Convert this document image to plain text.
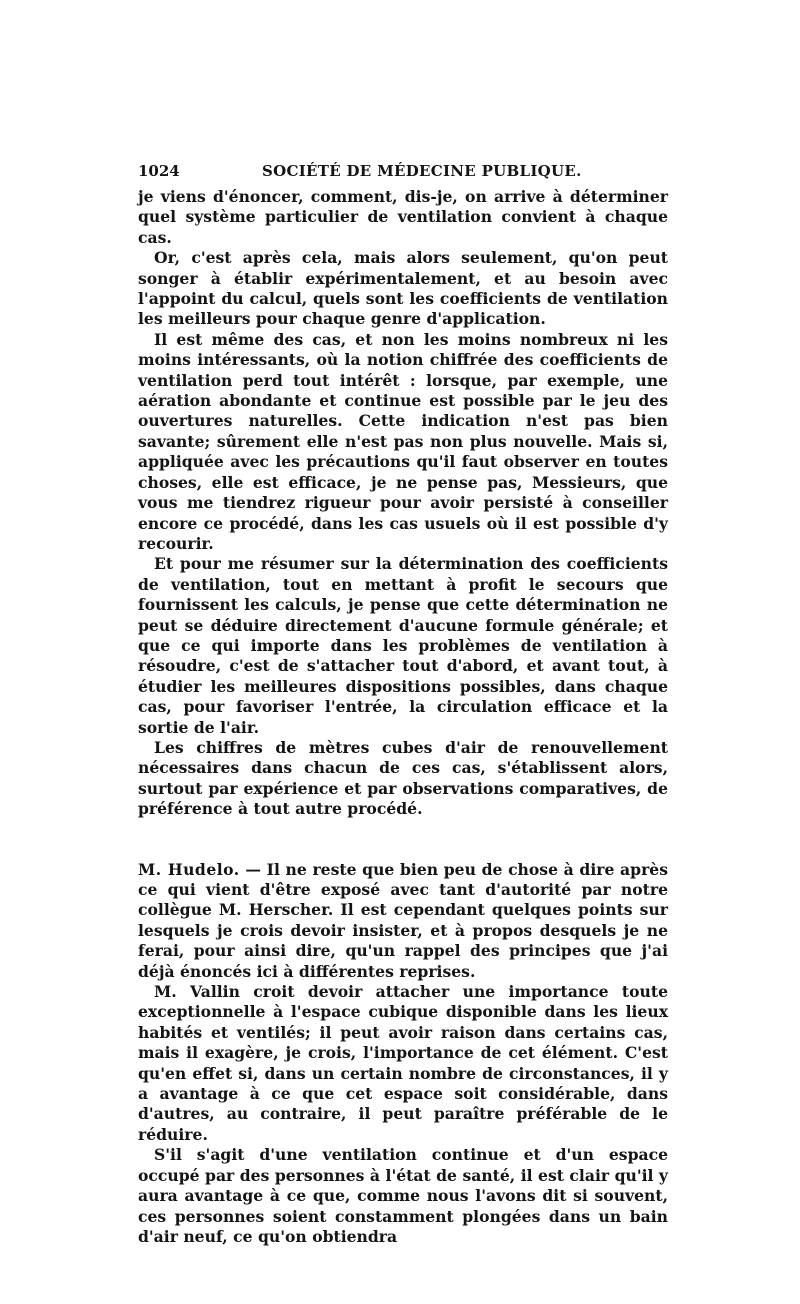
1024	SOCIÉTÉ DE MÉDECINE PUBLIQUE.

je viens d'énoncer, comment, dis-je, on arrive à déterminer quel système particulier de ventilation convient à chaque cas.

Or, c'est après cela, mais alors seulement, qu'on peut songer à établir expérimentalement, et au besoin avec l'appoint du calcul, quels sont les coefficients de ventilation les meilleurs pour chaque genre d'application.

Il est même des cas, et non les moins nombreux ni les moins intéressants, où la notion chiffrée des coefficients de ventilation perd tout intérêt : lorsque, par exemple, une aération abondante et continue est possible par le jeu des ouvertures naturelles. Cette indication n'est pas bien savante; sûrement elle n'est pas non plus nouvelle. Mais si, appliquée avec les précautions qu'il faut observer en toutes choses, elle est efficace, je ne pense pas, Messieurs, que vous me tiendrez rigueur pour avoir persisté à conseiller encore ce procédé, dans les cas usuels où il est possible d'y recourir.

Et pour me résumer sur la détermination des coefficients de ventilation, tout en mettant à profit le secours que fournissent les calculs, je pense que cette détermination ne peut se déduire directement d'aucune formule générale; et que ce qui importe dans les problèmes de ventilation à résoudre, c'est de s'attacher tout d'abord, et avant tout, à étudier les meilleures dispositions possibles, dans chaque cas, pour favoriser l'entrée, la circulation efficace et la sortie de l'air.

Les chiffres de mètres cubes d'air de renouvellement nécessaires dans chacun de ces cas, s'établissent alors, surtout par expérience et par observations comparatives, de préférence à tout autre procédé.

M. Hudelo. — Il ne reste que bien peu de chose à dire après ce qui vient d'être exposé avec tant d'autorité par notre collègue M. Herscher. Il est cependant quelques points sur lesquels je crois devoir insister, et à propos desquels je ne ferai, pour ainsi dire, qu'un rappel des principes que j'ai déjà énoncés ici à différentes reprises.

M. Vallin croit devoir attacher une importance toute exceptionnelle à l'espace cubique disponible dans les lieux habités et ventilés; il peut avoir raison dans certains cas, mais il exagère, je crois, l'importance de cet élément. C'est qu'en effet si, dans un certain nombre de circonstances, il y a avantage à ce que cet espace soit considérable, dans d'autres, au contraire, il peut paraître préférable de le réduire.

S'il s'agit d'une ventilation continue et d'un espace occupé par des personnes à l'état de santé, il est clair qu'il y aura avantage à ce que, comme nous l'avons dit si souvent, ces personnes soient constamment plongées dans un bain d'air neuf, ce qu'on obtiendra
